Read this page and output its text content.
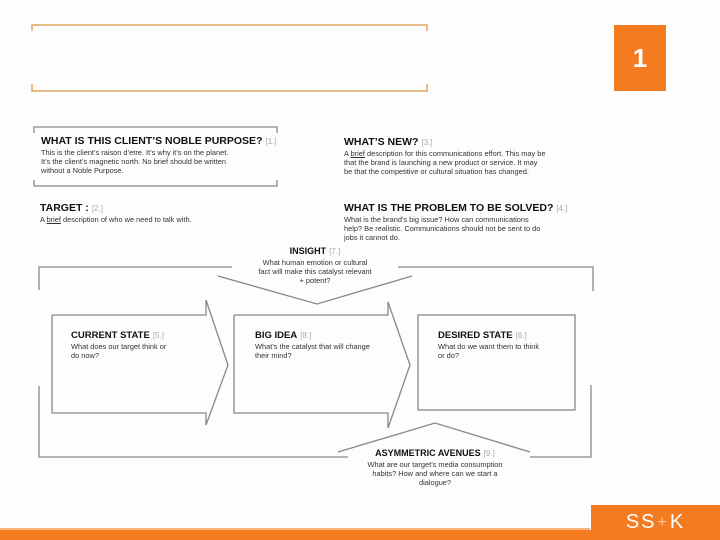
1
WHAT IS THIS CLIENT’S NOBLE PURPOSE? [1.]

This is the client’s raison d’etre. It’s why it’s on the planet.

It’s the client’s magnetic north. No brief should be written

without a Noble Purpose.

TARGET : [2.]

A brief description of who we need to talk with.

WHAT’S NEW? [3.]

A brief description for this communications effort. This may be

that the brand is launching a new product or service. It may

be that the competitive or cultural situation has changed.

WHAT IS THE PROBLEM TO BE SOLVED? [4.]

What is the brand’s big issue? How can communications

help? Be realistic. Communications should not be sent to do

jobs it cannot do.

INSIGHT [7.]

What human emotion or cultural

fact will make this catalyst relevant

+ potent?

CURRENT STATE [5.]

What does our target think or

do now?

BIG IDEA [8.]

What’s the catalyst that will change

their mind?

DESIRED STATE [6.]

What do we want them to think

or do?

ASYMMETRIC AVENUES [9.]

What are our target’s media consumption

habits? How and where can we start a

dialogue?

SS + K
